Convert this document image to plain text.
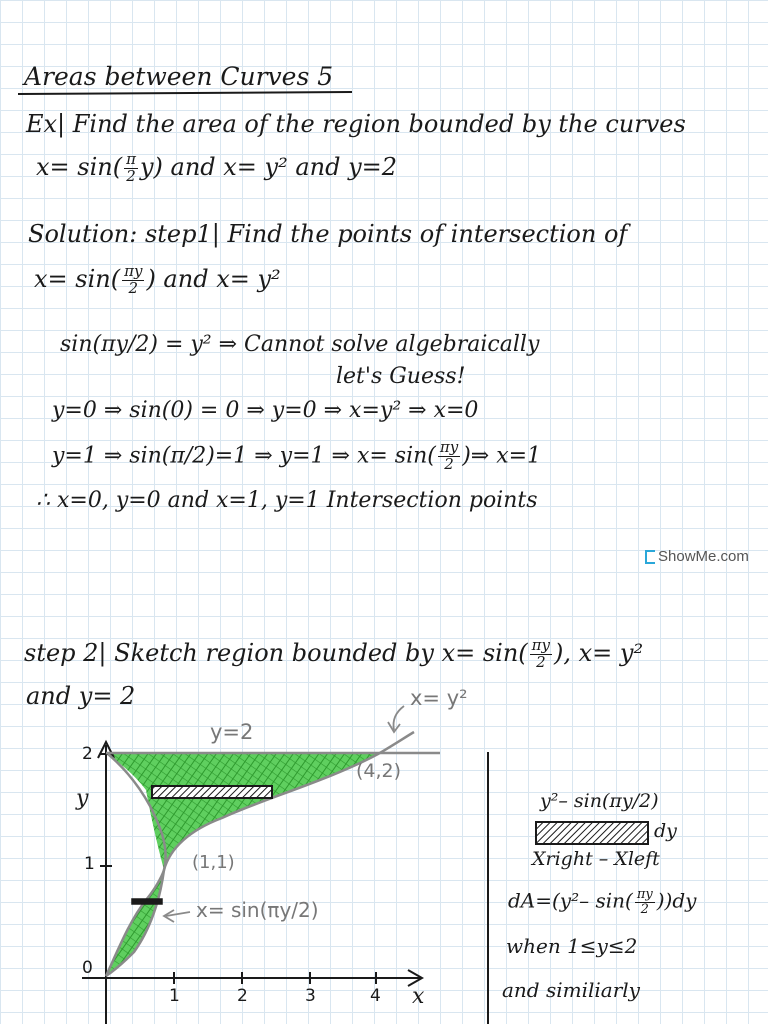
Areas between Curves 5
Ex| Find the area of the region bounded by the curves
$x= \sin( \frac{\pi}{2} y)$ and x= y² and y=2
Solution: step1| Find the points of intersection of
$x= \sin( \frac{\pi y}{2}$ ) and x= y²
sin(πy/2) = y² ⇒ Cannot solve algebraically
let's Guess!
y=0 ⇒ sin(0) = 0 ⇒ y=0 ⇒ x=y² ⇒ x=0
y=1 ⇒ sin(π/2)=1 ⇒ y=1 ⇒ $x= \sin( \frac{\pi y}{2}$ )⇒ x=1
∴ x=0, y=0 and x=1, y=1 Intersection points
ShowMe.com
step 2| Sketch region bounded by $x= \sin( \frac{\pi y}{2}$ ), x= y²
and y= 2	x= y²
y=2
(4,2)
(1,1)
x= sin(πy/2)
y
x
0
1
2
1	2	3	4
y²– sin(πy/2)
dy
Xright – Xleft
dA=(y²– $\sin( \frac{\pi y}{2} ))dy$
when 1≤y≤2
and similiarly
